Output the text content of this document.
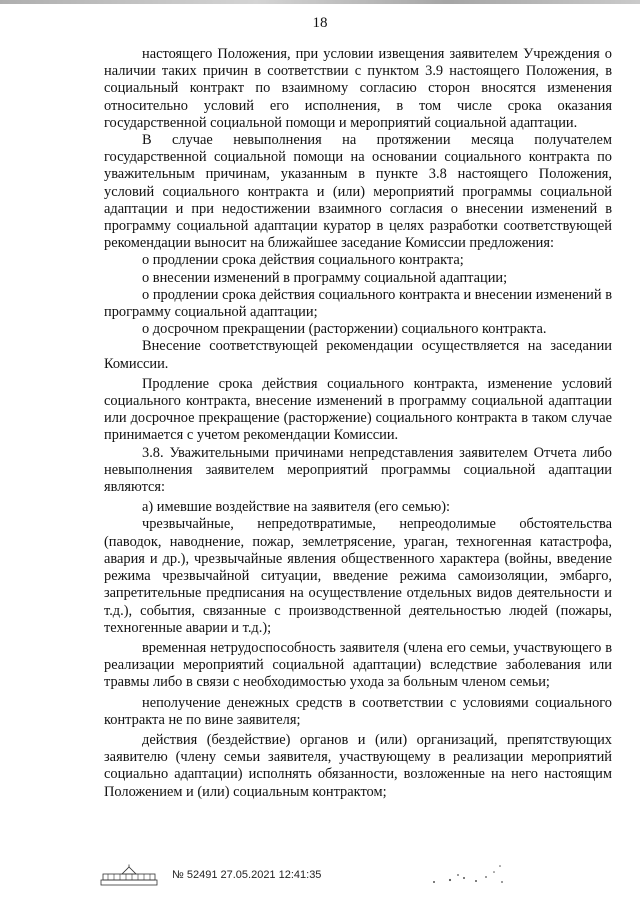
18

настоящего Положения, при условии извещения заявителем Учреждения о наличии таких причин в соответствии с пунктом 3.9 настоящего Положения, в социальный контракт по взаимному согласию сторон вносятся изменения относительно условий его исполнения, в том числе срока оказания государственной социальной помощи и мероприятий социальной адаптации.

В случае невыполнения на протяжении месяца получателем государственной социальной помощи на основании социального контракта по уважительным причинам, указанным в пункте 3.8 настоящего Положения, условий социального контракта и (или) мероприятий программы социальной адаптации и при недостижении взаимного согласия о внесении изменений в программу социальной адаптации куратор в целях разработки соответствующей рекомендации выносит на ближайшее заседание Комиссии предложения:

о продлении срока действия социального контракта;

о внесении изменений в программу социальной адаптации;

о продлении срока действия социального контракта и внесении изменений в программу социальной адаптации;

о досрочном прекращении (расторжении) социального контракта.

Внесение соответствующей рекомендации осуществляется на заседании Комиссии.

Продление срока действия социального контракта, изменение условий социального контракта, внесение изменений в программу социальной адаптации или досрочное прекращение (расторжение) социального контракта в таком случае принимается с учетом рекомендации Комиссии.

3.8. Уважительными причинами непредставления заявителем Отчета либо невыполнения заявителем мероприятий программы социальной адаптации являются:

а) имевшие воздействие на заявителя (его семью):

чрезвычайные, непредотвратимые, непреодолимые обстоятельства (паводок, наводнение, пожар, землетрясение, ураган, техногенная катастрофа, авария и др.), чрезвычайные явления общественного характера (войны, введение режима чрезвычайной ситуации, введение режима самоизоляции, эмбарго, запретительные предписания на осуществление отдельных видов деятельности и т.д.), события, связанные с производственной деятельностью людей (пожары, техногенные аварии и т.д.);

временная нетрудоспособность заявителя (члена его семьи, участвующего в реализации мероприятий социальной адаптации) вследствие заболевания или травмы либо в связи с необходимостью ухода за больным членом семьи;

неполучение денежных средств в соответствии с условиями социального контракта не по вине заявителя;

действия (бездействие) органов и (или) организаций, препятствующих заявителю (члену семьи заявителя, участвующему в реализации мероприятий социально адаптации) исполнять обязанности, возложенные на него настоящим Положением и (или) социальным контрактом;

№ 52491 27.05.2021 12:41:35
